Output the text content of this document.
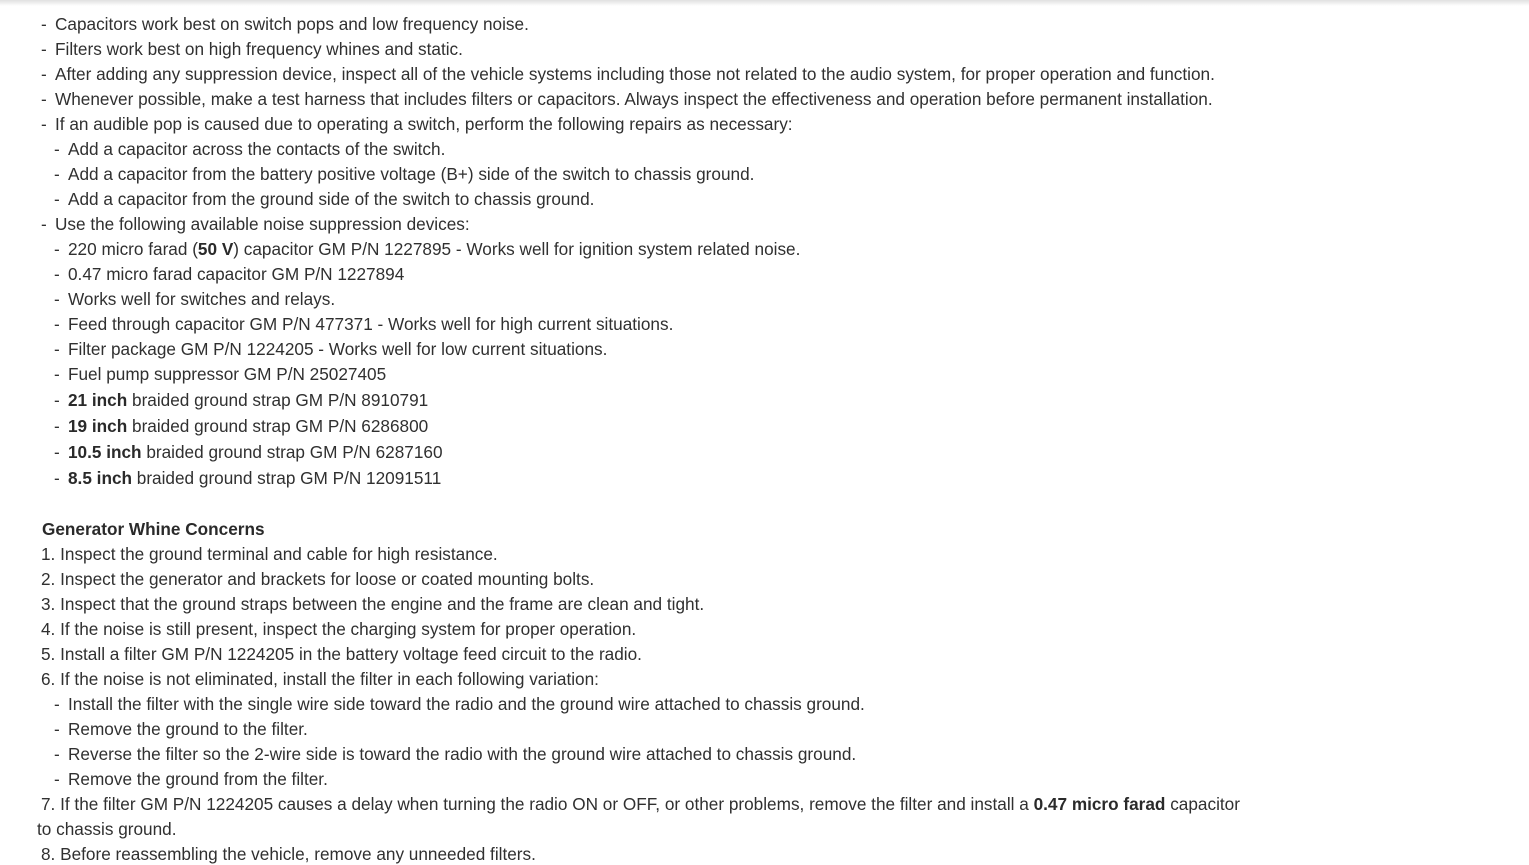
- Capacitors work best on switch pops and low frequency noise.
- Filters work best on high frequency whines and static.
- After adding any suppression device, inspect all of the vehicle systems including those not related to the audio system, for proper operation and function.
- Whenever possible, make a test harness that includes filters or capacitors. Always inspect the effectiveness and operation before permanent installation.
- If an audible pop is caused due to operating a switch, perform the following repairs as necessary:
- Add a capacitor across the contacts of the switch.
- Add a capacitor from the battery positive voltage (B+) side of the switch to chassis ground.
- Add a capacitor from the ground side of the switch to chassis ground.
- Use the following available noise suppression devices:
- 220 micro farad (50 V) capacitor GM P/N 1227895 - Works well for ignition system related noise.
- 0.47 micro farad capacitor GM P/N 1227894
- Works well for switches and relays.
- Feed through capacitor GM P/N 477371 - Works well for high current situations.
- Filter package GM P/N 1224205 - Works well for low current situations.
- Fuel pump suppressor GM P/N 25027405
- 21 inch braided ground strap GM P/N 8910791
- 19 inch braided ground strap GM P/N 6286800
- 10.5 inch braided ground strap GM P/N 6287160
- 8.5 inch braided ground strap GM P/N 12091511
Generator Whine Concerns
1. Inspect the ground terminal and cable for high resistance.
2. Inspect the generator and brackets for loose or coated mounting bolts.
3. Inspect that the ground straps between the engine and the frame are clean and tight.
4. If the noise is still present, inspect the charging system for proper operation.
5. Install a filter GM P/N 1224205 in the battery voltage feed circuit to the radio.
6. If the noise is not eliminated, install the filter in each following variation:
- Install the filter with the single wire side toward the radio and the ground wire attached to chassis ground.
- Remove the ground to the filter.
- Reverse the filter so the 2-wire side is toward the radio with the ground wire attached to chassis ground.
- Remove the ground from the filter.
7. If the filter GM P/N 1224205 causes a delay when turning the radio ON or OFF, or other problems, remove the filter and install a 0.47 micro farad capacitor
to chassis ground.
8. Before reassembling the vehicle, remove any unneeded filters.
